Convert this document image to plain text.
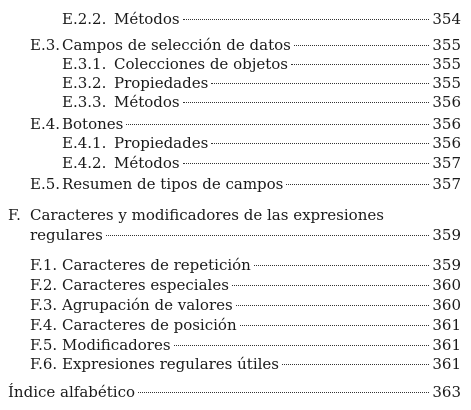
E.2.2. Métodos	354
E.3. Campos de selección de datos	355
E.3.1. Colecciones de objetos	355
E.3.2. Propiedades	355
E.3.3. Métodos	356
E.4. Botones	356
E.4.1. Propiedades	356
E.4.2. Métodos	357
E.5. Resumen de tipos de campos	357
F. Caracteres y modificadores de las expresiones
regulares	359
F.1. Caracteres de repetición	359
F.2. Caracteres especiales	360
F.3. Agrupación de valores	360
F.4. Caracteres de posición	361
F.5. Modificadores	361
F.6. Expresiones regulares útiles	361
Índice alfabético	363
